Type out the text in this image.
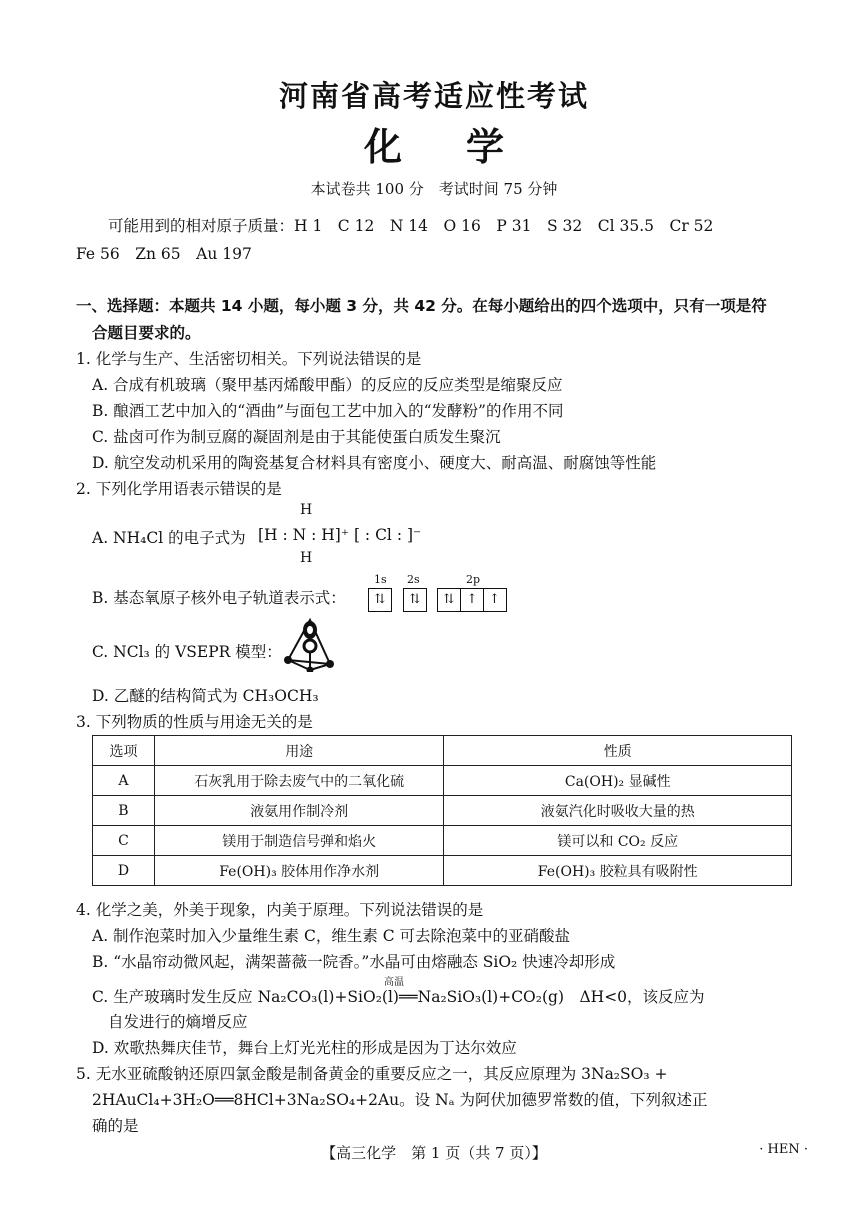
河南省高考适应性考试
化 学
本试卷共 100 分　考试时间 75 分钟
可能用到的相对原子质量：H 1　C 12　N 14　O 16　P 31　S 32　Cl 35.5　Cr 52
Fe 56　Zn 65　Au 197
一、选择题：本题共 14 小题，每小题 3 分，共 42 分。在每小题给出的四个选项中，只有一项是符
合题目要求的。
1. 化学与生产、生活密切相关。下列说法错误的是
A. 合成有机玻璃（聚甲基丙烯酸甲酯）的反应的反应类型是缩聚反应
B. 酿酒工艺中加入的“酒曲”与面包工艺中加入的“发酵粉”的作用不同
C. 盐卤可作为制豆腐的凝固剂是由于其能使蛋白质发生聚沉
D. 航空发动机采用的陶瓷基复合材料具有密度小、硬度大、耐高温、耐腐蚀等性能
2. 下列化学用语表示错误的是
H
A. NH₄Cl 的电子式为 [H : N : H]⁺ [ : Cl : ]⁻
H
B. 基态氧原子核外电子轨道表示式：
1s 2s	2p
⇅	⇅	⇅ ↑ ↑
C. NCl₃ 的 VSEPR 模型：
D. 乙醚的结构简式为 CH₃OCH₃
3. 下列物质的性质与用途无关的是
选项	用途	性质
A	石灰乳用于除去废气中的二氧化硫	Ca(OH)₂ 显碱性
B	液氨用作制冷剂	液氨汽化时吸收大量的热
C	镁用于制造信号弹和焰火	镁可以和 CO₂ 反应
D	Fe(OH)₃ 胶体用作净水剂	Fe(OH)₃ 胶粒具有吸附性
4. 化学之美，外美于现象，内美于原理。下列说法错误的是
A. 制作泡菜时加入少量维生素 C，维生素 C 可去除泡菜中的亚硝酸盐
B. “水晶帘动微风起，满架蔷薇一院香。”水晶可由熔融态 SiO₂ 快速冷却形成
高温
C. 生产玻璃时发生反应 Na₂CO₃(l)+SiO₂(l)══Na₂SiO₃(l)+CO₂(g)　ΔH<0，该反应为
自发进行的熵增反应
D. 欢歌热舞庆佳节，舞台上灯光光柱的形成是因为丁达尔效应
5. 无水亚硫酸钠还原四氯金酸是制备黄金的重要反应之一，其反应原理为 3Na₂SO₃ +
2HAuCl₄+3H₂O══8HCl+3Na₂SO₄+2Au。设 Nₐ 为阿伏加德罗常数的值，下列叙述正
确的是
【高三化学　第 1 页（共 7 页）】	· HEN ·
